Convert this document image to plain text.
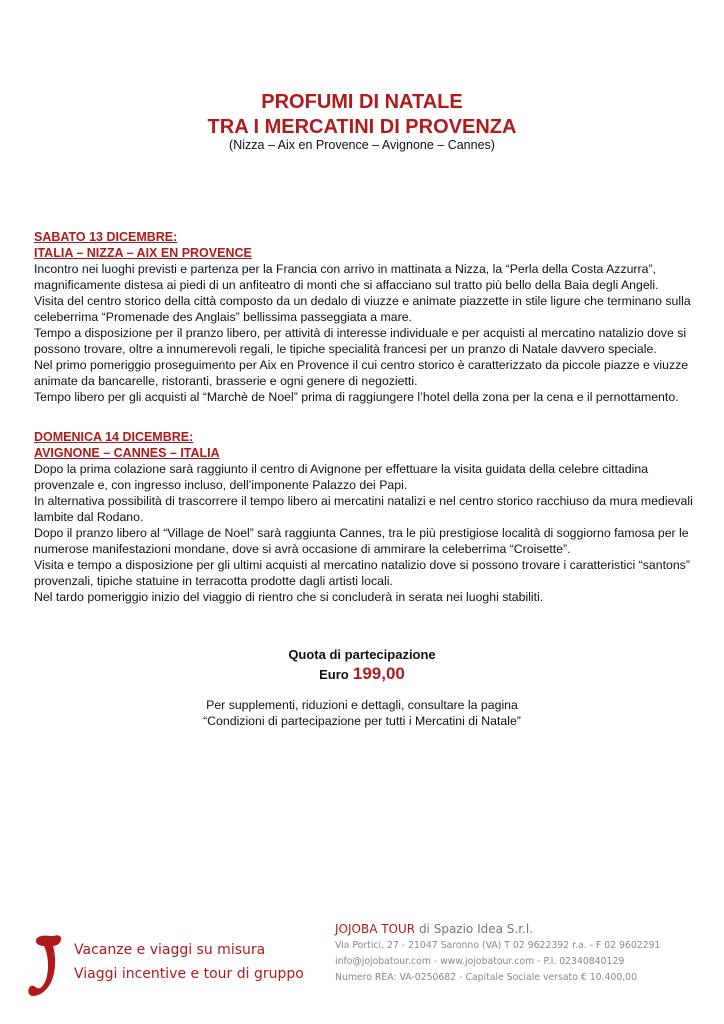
PROFUMI DI NATALE
TRA I MERCATINI DI PROVENZA
(Nizza – Aix en Provence – Avignone – Cannes)
SABATO 13 DICEMBRE:
ITALIA – NIZZA – AIX EN PROVENCE

Incontro nei luoghi previsti e partenza per la Francia con arrivo in mattinata a Nizza, la “Perla della Costa Azzurra”, magnificamente distesa ai piedi di un anfiteatro di monti che si affacciano sul tratto più bello della Baia degli Angeli.

Visita del centro storico della città composto da un dedalo di viuzze e animate piazzette in stile ligure che terminano sulla celeberrima “Promenade des Anglais” bellissima passeggiata a mare.

Tempo a disposizione per il pranzo libero, per attività di interesse individuale e per acquisti al mercatino natalizio dove si possono trovare, oltre a innumerevoli regali, le tipiche specialità francesi per un pranzo di Natale davvero speciale.

Nel primo pomeriggio proseguimento per Aix en Provence il cui centro storico è caratterizzato da piccole piazze e viuzze animate da bancarelle, ristoranti, brasserie e ogni genere di negozietti.

Tempo libero per gli acquisti al “Marchè de Noel” prima di raggiungere l’hotel della zona per la cena e il pernottamento.

DOMENICA 14 DICEMBRE:
AVIGNONE – CANNES – ITALIA

Dopo la prima colazione sarà raggiunto il centro di Avignone per effettuare la visita guidata della celebre cittadina provenzale e, con ingresso incluso, dell’imponente Palazzo dei Papi.

In alternativa possibilità di trascorrere il tempo libero ai mercatini natalizi e nel centro storico racchiuso da mura medievali lambite dal Rodano.

Dopo il pranzo libero al “Village de Noel” sarà raggiunta Cannes, tra le più prestigiose località di soggiorno famosa per le numerose manifestazioni mondane, dove si avrà occasione di ammirare la celeberrima “Croisette”.

Visita e tempo a disposizione per gli ultimi acquisti al mercatino natalizio dove si possono trovare i caratteristici “santons” provenzali, tipiche statuine in terracotta prodotte dagli artisti locali.

Nel tardo pomeriggio inizio del viaggio di rientro che si concluderà in serata nei luoghi stabiliti.

Quota di partecipazione
Euro 199,00
Per supplementi, riduzioni e dettagli, consultare la pagina
“Condizioni di partecipazione per tutti i Mercatini di Natale”
Vacanze e viaggi su misura
Viaggi incentive e tour di gruppo
JOJOBA TOUR di Spazio Idea S.r.l.
Via Portici, 27 - 21047 Saronno (VA) T 02 9622392 r.a. - F 02 9602291
info@jojobatour.com - www.jojobatour.com - P.I. 02340840129
Numero REA: VA-0250682 - Capitale Sociale versato € 10.400,00
